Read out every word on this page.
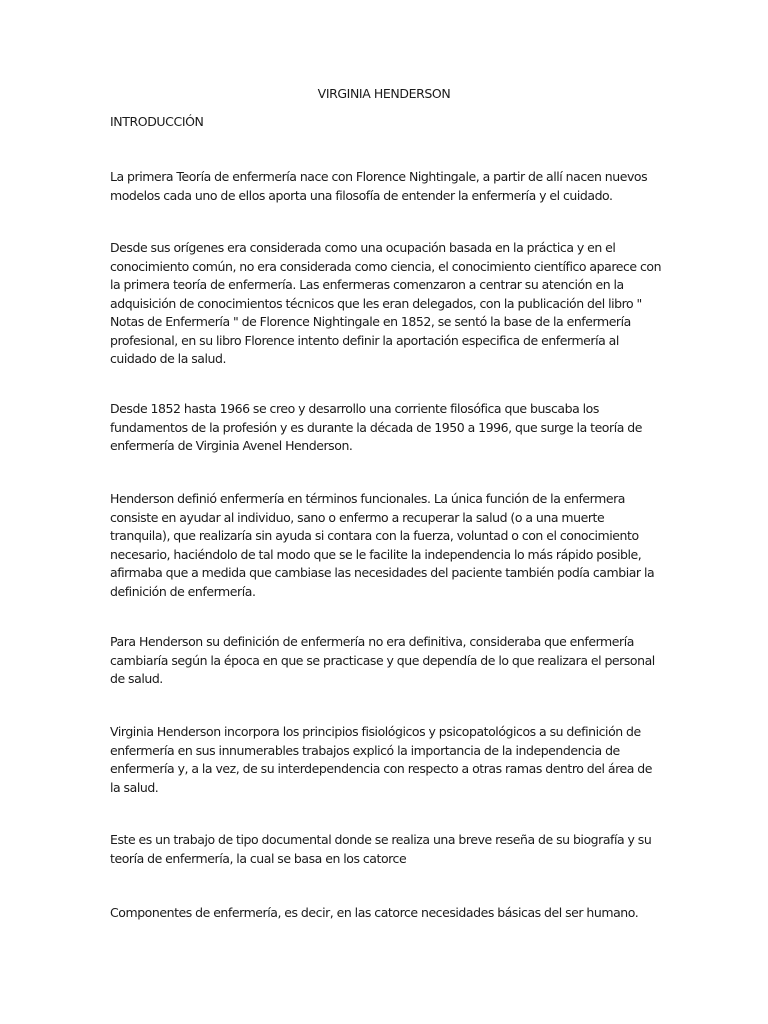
VIRGINIA HENDERSON
INTRODUCCIÓN

La primera Teoría de enfermería nace con Florence Nightingale, a partir de allí nacen nuevos modelos cada uno de ellos aporta una filosofía de entender la enfermería y el cuidado.

Desde sus orígenes era considerada como una ocupación basada en la práctica y en el conocimiento común, no era considerada como ciencia, el conocimiento científico aparece con la primera teoría de enfermería. Las enfermeras comenzaron a centrar su atención en la adquisición de conocimientos técnicos que les eran delegados, con la publicación del libro " Notas de Enfermería " de Florence Nightingale en 1852, se sentó la base de la enfermería profesional, en su libro Florence intento definir la aportación especifica de enfermería al cuidado de la salud.

Desde 1852 hasta 1966 se creo y desarrollo una corriente filosófica que buscaba los fundamentos de la profesión y es durante la década de 1950 a 1996, que surge la teoría de enfermería de Virginia Avenel Henderson.

Henderson definió enfermería en términos funcionales. La única función de la enfermera consiste en ayudar al individuo, sano o enfermo a recuperar la salud (o a una muerte tranquila), que realizaría sin ayuda si contara con la fuerza, voluntad o con el conocimiento necesario, haciéndolo de tal modo que se le facilite la independencia lo más rápido posible, afirmaba que a medida que cambiase las necesidades del paciente también podía cambiar la definición de enfermería.

Para Henderson su definición de enfermería no era definitiva, consideraba que enfermería cambiaría según la época en que se practicase y que dependía de lo que realizara el personal de salud.

Virginia Henderson incorpora los principios fisiológicos y psicopatológicos a su definición de enfermería en sus innumerables trabajos explicó la importancia de la independencia de enfermería y, a la vez, de su interdependencia con respecto a otras ramas dentro del área de la salud.

Este es un trabajo de tipo documental donde se realiza una breve reseña de su biografía y su teoría de enfermería, la cual se basa en los catorce

Componentes de enfermería, es decir, en las catorce necesidades básicas del ser humano.
